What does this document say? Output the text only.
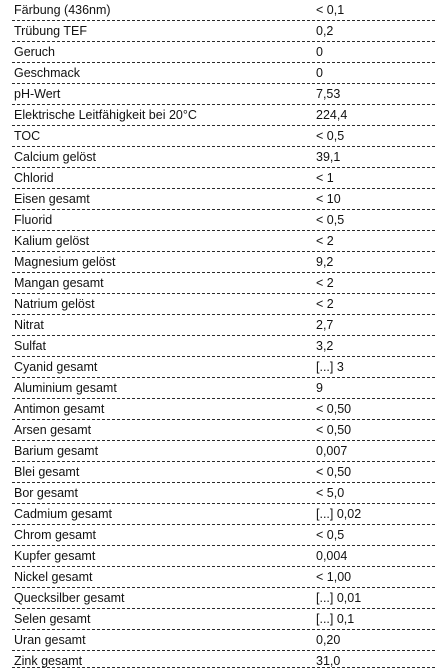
Färbung (436nm)	< 0,1
Trübung TEF	0,2
Geruch	0
Geschmack	0
pH-Wert	7,53
Elektrische Leitfähigkeit bei 20°C	224,4
TOC	< 0,5
Calcium gelöst	39,1
Chlorid	< 1
Eisen gesamt	< 10
Fluorid	< 0,5
Kalium gelöst	< 2
Magnesium gelöst	9,2
Mangan gesamt	< 2
Natrium gelöst	< 2
Nitrat	2,7
Sulfat	3,2
Cyanid gesamt	[...] 3
Aluminium gesamt	9
Antimon gesamt	< 0,50
Arsen gesamt	< 0,50
Barium gesamt	0,007
Blei gesamt	< 0,50
Bor gesamt	< 5,0
Cadmium gesamt	[...] 0,02
Chrom gesamt	< 0,5
Kupfer gesamt	0,004
Nickel gesamt	< 1,00
Quecksilber gesamt	[...] 0,01
Selen gesamt	[...] 0,1
Uran gesamt	0,20
Zink gesamt	31,0
